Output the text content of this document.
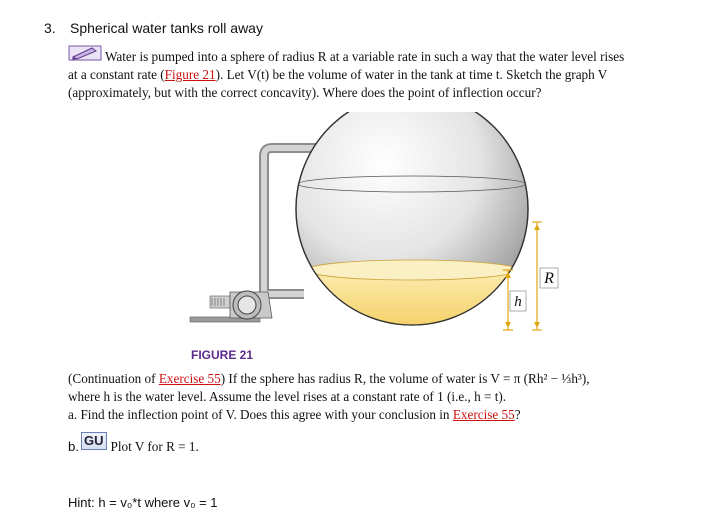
3. Spherical water tanks roll away
Water is pumped into a sphere of radius R at a variable rate in such a way that the water level rises
at a constant rate (Figure 21). Let V(t) be the volume of water in the tank at time t. Sketch the graph V
(approximately, but with the correct concavity). Where does the point of inflection occur?
R
h
FIGURE 21
(Continuation of Exercise 55) If the sphere has radius R, the volume of water is V = π (Rh² − ⅓h³),
where h is the water level. Assume the level rises at a constant rate of 1 (i.e., h = t).
a. Find the inflection point of V. Does this agree with your conclusion in Exercise 55?
b. GU Plot V for R = 1.
Hint: h = v₀*t where v₀ = 1
